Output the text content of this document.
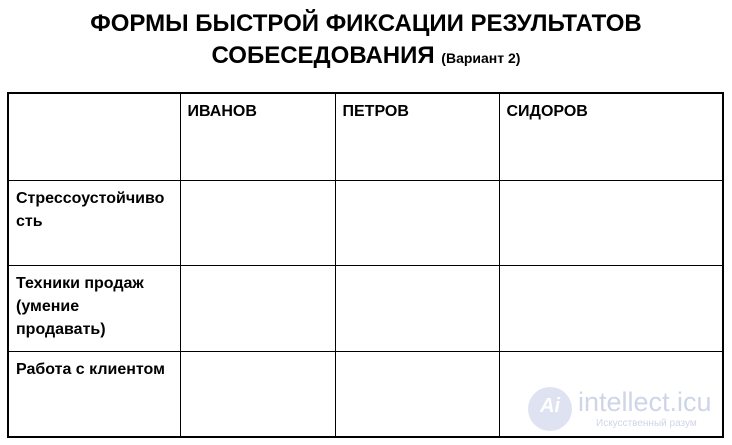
ФОРМЫ БЫСТРОЙ ФИКСАЦИИ РЕЗУЛЬТАТОВ
СОБЕСЕДОВАНИЯ (Вариант 2)
	ИВАНОВ	ПЕТРОВ	СИДОРОВ
Стрессоустойчивость			
Техники продаж (умение продавать)			
Работа с клиентом			
Ai intellect.icu
Искусственный разум
